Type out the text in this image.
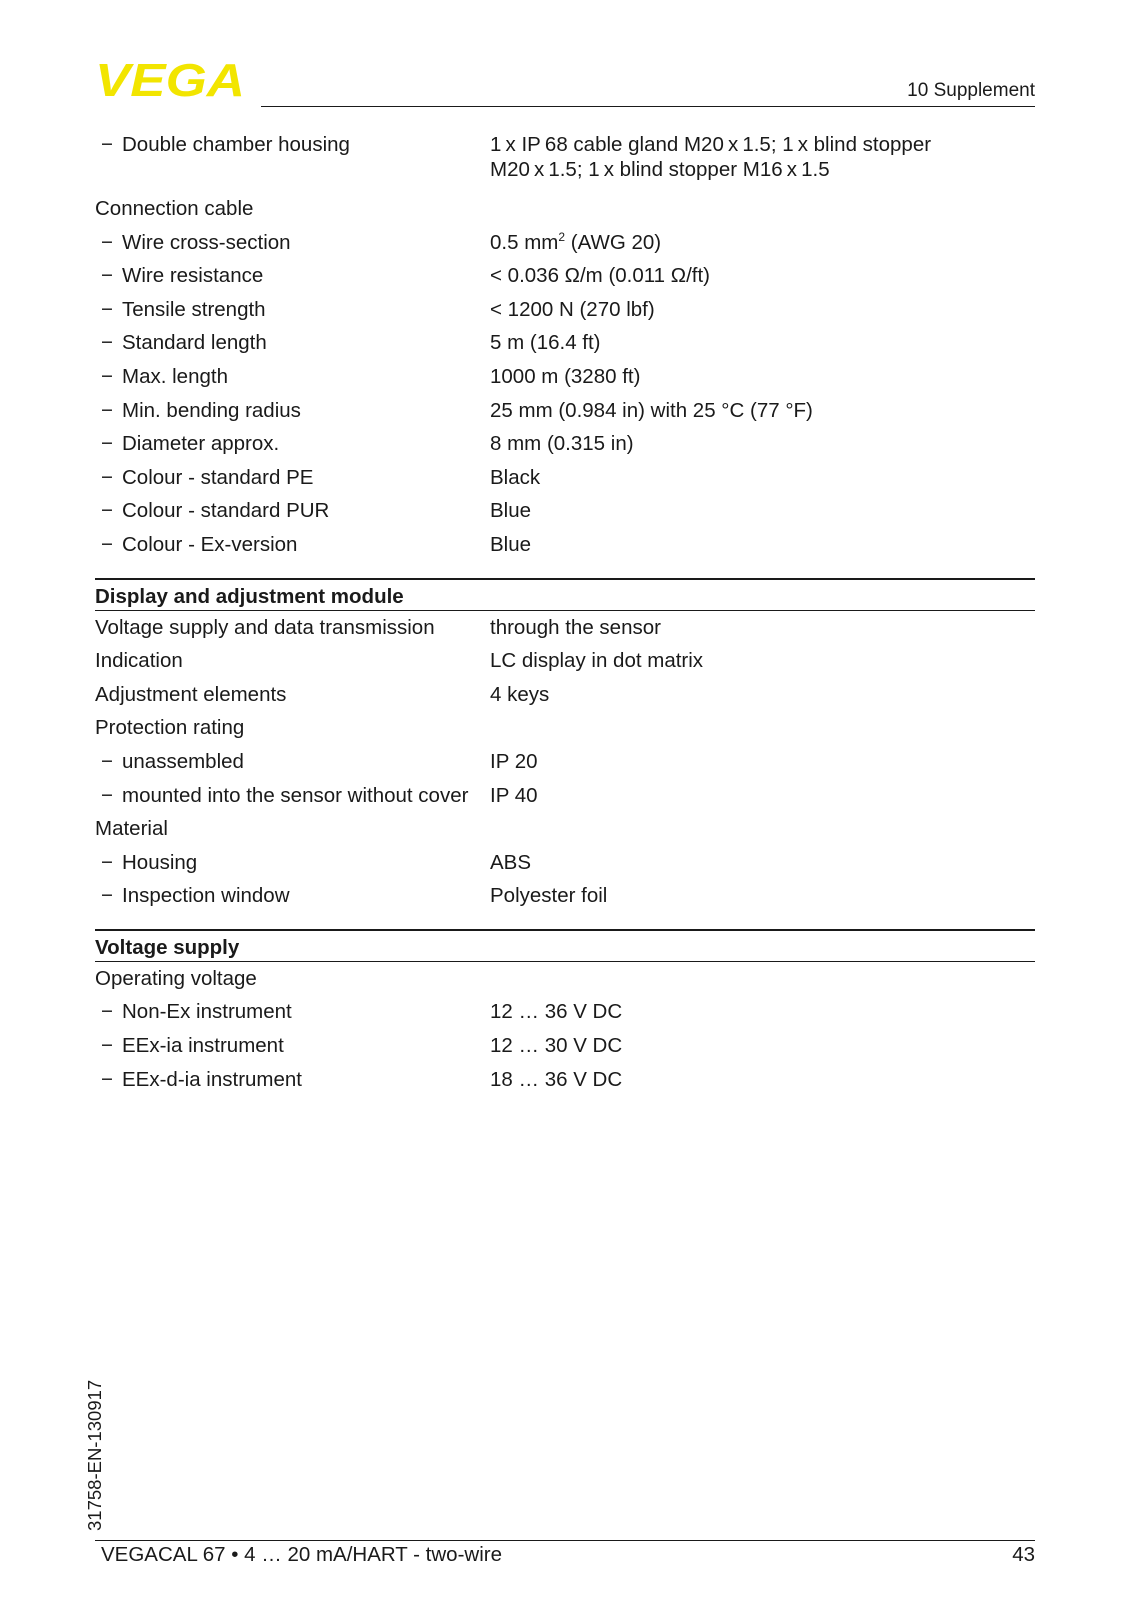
VEGA	10 Supplement
− Double chamber housing	1 x IP 68 cable gland M20 x 1.5; 1 x blind stopper
M20 x 1.5; 1 x blind stopper M16 x 1.5
Connection cable
− Wire cross-section	0.5 $mm^2$ (AWG 20)
− Wire resistance	< 0.036 Ω/m (0.011 Ω/ft)
− Tensile strength	< 1200 N (270 lbf)
− Standard length	5 m (16.4 ft)
− Max. length	1000 m (3280 ft)
− Min. bending radius	25 mm (0.984 in) with 25 °C (77 °F)
− Diameter approx.	8 mm (0.315 in)
− Colour - standard PE	Black
− Colour - standard PUR	Blue
− Colour - Ex-version	Blue
Display and adjustment module
Voltage supply and data transmission	through the sensor
Indication	LC display in dot matrix
Adjustment elements	4 keys
Protection rating
− unassembled	IP 20
− mounted into the sensor without cover	IP 40
Material
− Housing	ABS
− Inspection window	Polyester foil
Voltage supply
Operating voltage
− Non-Ex instrument	12 … 36 V DC
− EEx-ia instrument	12 … 30 V DC
− EEx-d-ia instrument	18 … 36 V DC
31758-EN-130917
VEGACAL 67 • 4 … 20 mA/HART - two-wire	43
